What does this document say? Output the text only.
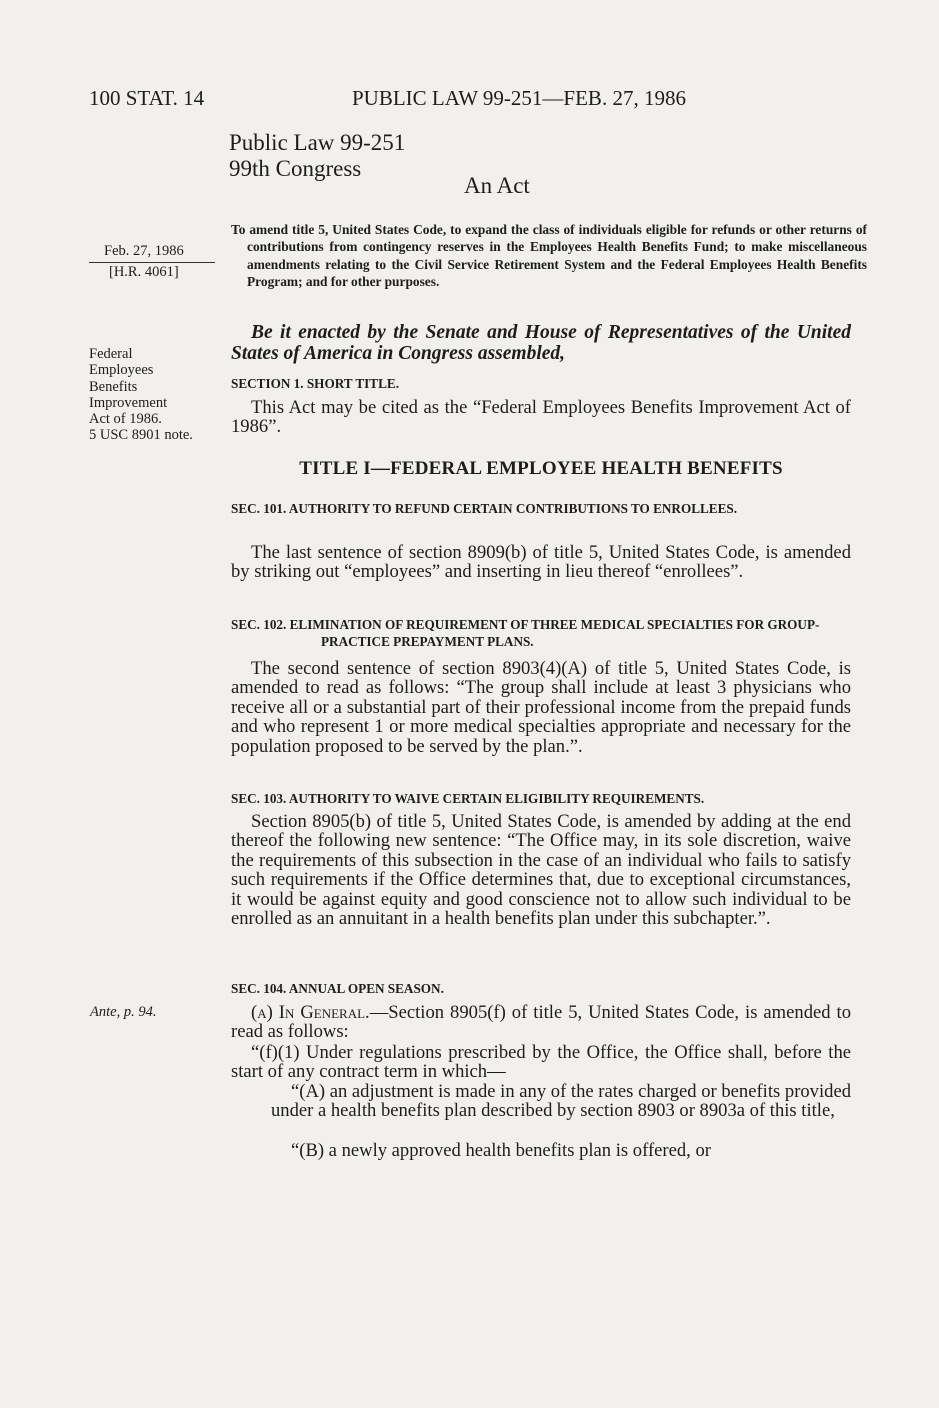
100 STAT. 14	PUBLIC LAW 99-251—FEB. 27, 1986
Public Law 99-251
99th Congress
An Act
Feb. 27, 1986
[H.R. 4061]
Federal
Employees
Benefits
Improvement
Act of 1986.
5 USC 8901 note.
Ante, p. 94.
To amend title 5, United States Code, to expand the class of individuals eligible for refunds or other returns of contributions from contingency reserves in the Employees Health Benefits Fund; to make miscellaneous amendments relating to the Civil Service Retirement System and the Federal Employees Health Benefits Program; and for other purposes.
Be it enacted by the Senate and House of Representatives of the United States of America in Congress assembled,
SECTION 1. SHORT TITLE.
This Act may be cited as the “Federal Employees Benefits Improvement Act of 1986”.
TITLE I—FEDERAL EMPLOYEE HEALTH BENEFITS
SEC. 101. AUTHORITY TO REFUND CERTAIN CONTRIBUTIONS TO ENROLLEES.
The last sentence of section 8909(b) of title 5, United States Code, is amended by striking out “employees” and inserting in lieu thereof “enrollees”.
SEC. 102. ELIMINATION OF REQUIREMENT OF THREE MEDICAL SPECIALTIES FOR GROUP-PRACTICE PREPAYMENT PLANS.
The second sentence of section 8903(4)(A) of title 5, United States Code, is amended to read as follows: “The group shall include at least 3 physicians who receive all or a substantial part of their professional income from the prepaid funds and who represent 1 or more medical specialties appropriate and necessary for the population proposed to be served by the plan.”.
SEC. 103. AUTHORITY TO WAIVE CERTAIN ELIGIBILITY REQUIREMENTS.
Section 8905(b) of title 5, United States Code, is amended by adding at the end thereof the following new sentence: “The Office may, in its sole discretion, waive the requirements of this subsection in the case of an individual who fails to satisfy such requirements if the Office determines that, due to exceptional circumstances, it would be against equity and good conscience not to allow such individual to be enrolled as an annuitant in a health benefits plan under this subchapter.”.
SEC. 104. ANNUAL OPEN SEASON.
(a) In General.—Section 8905(f) of title 5, United States Code, is amended to read as follows:
“(f)(1) Under regulations prescribed by the Office, the Office shall, before the start of any contract term in which—
“(A) an adjustment is made in any of the rates charged or benefits provided under a health benefits plan described by section 8903 or 8903a of this title,
“(B) a newly approved health benefits plan is offered, or
